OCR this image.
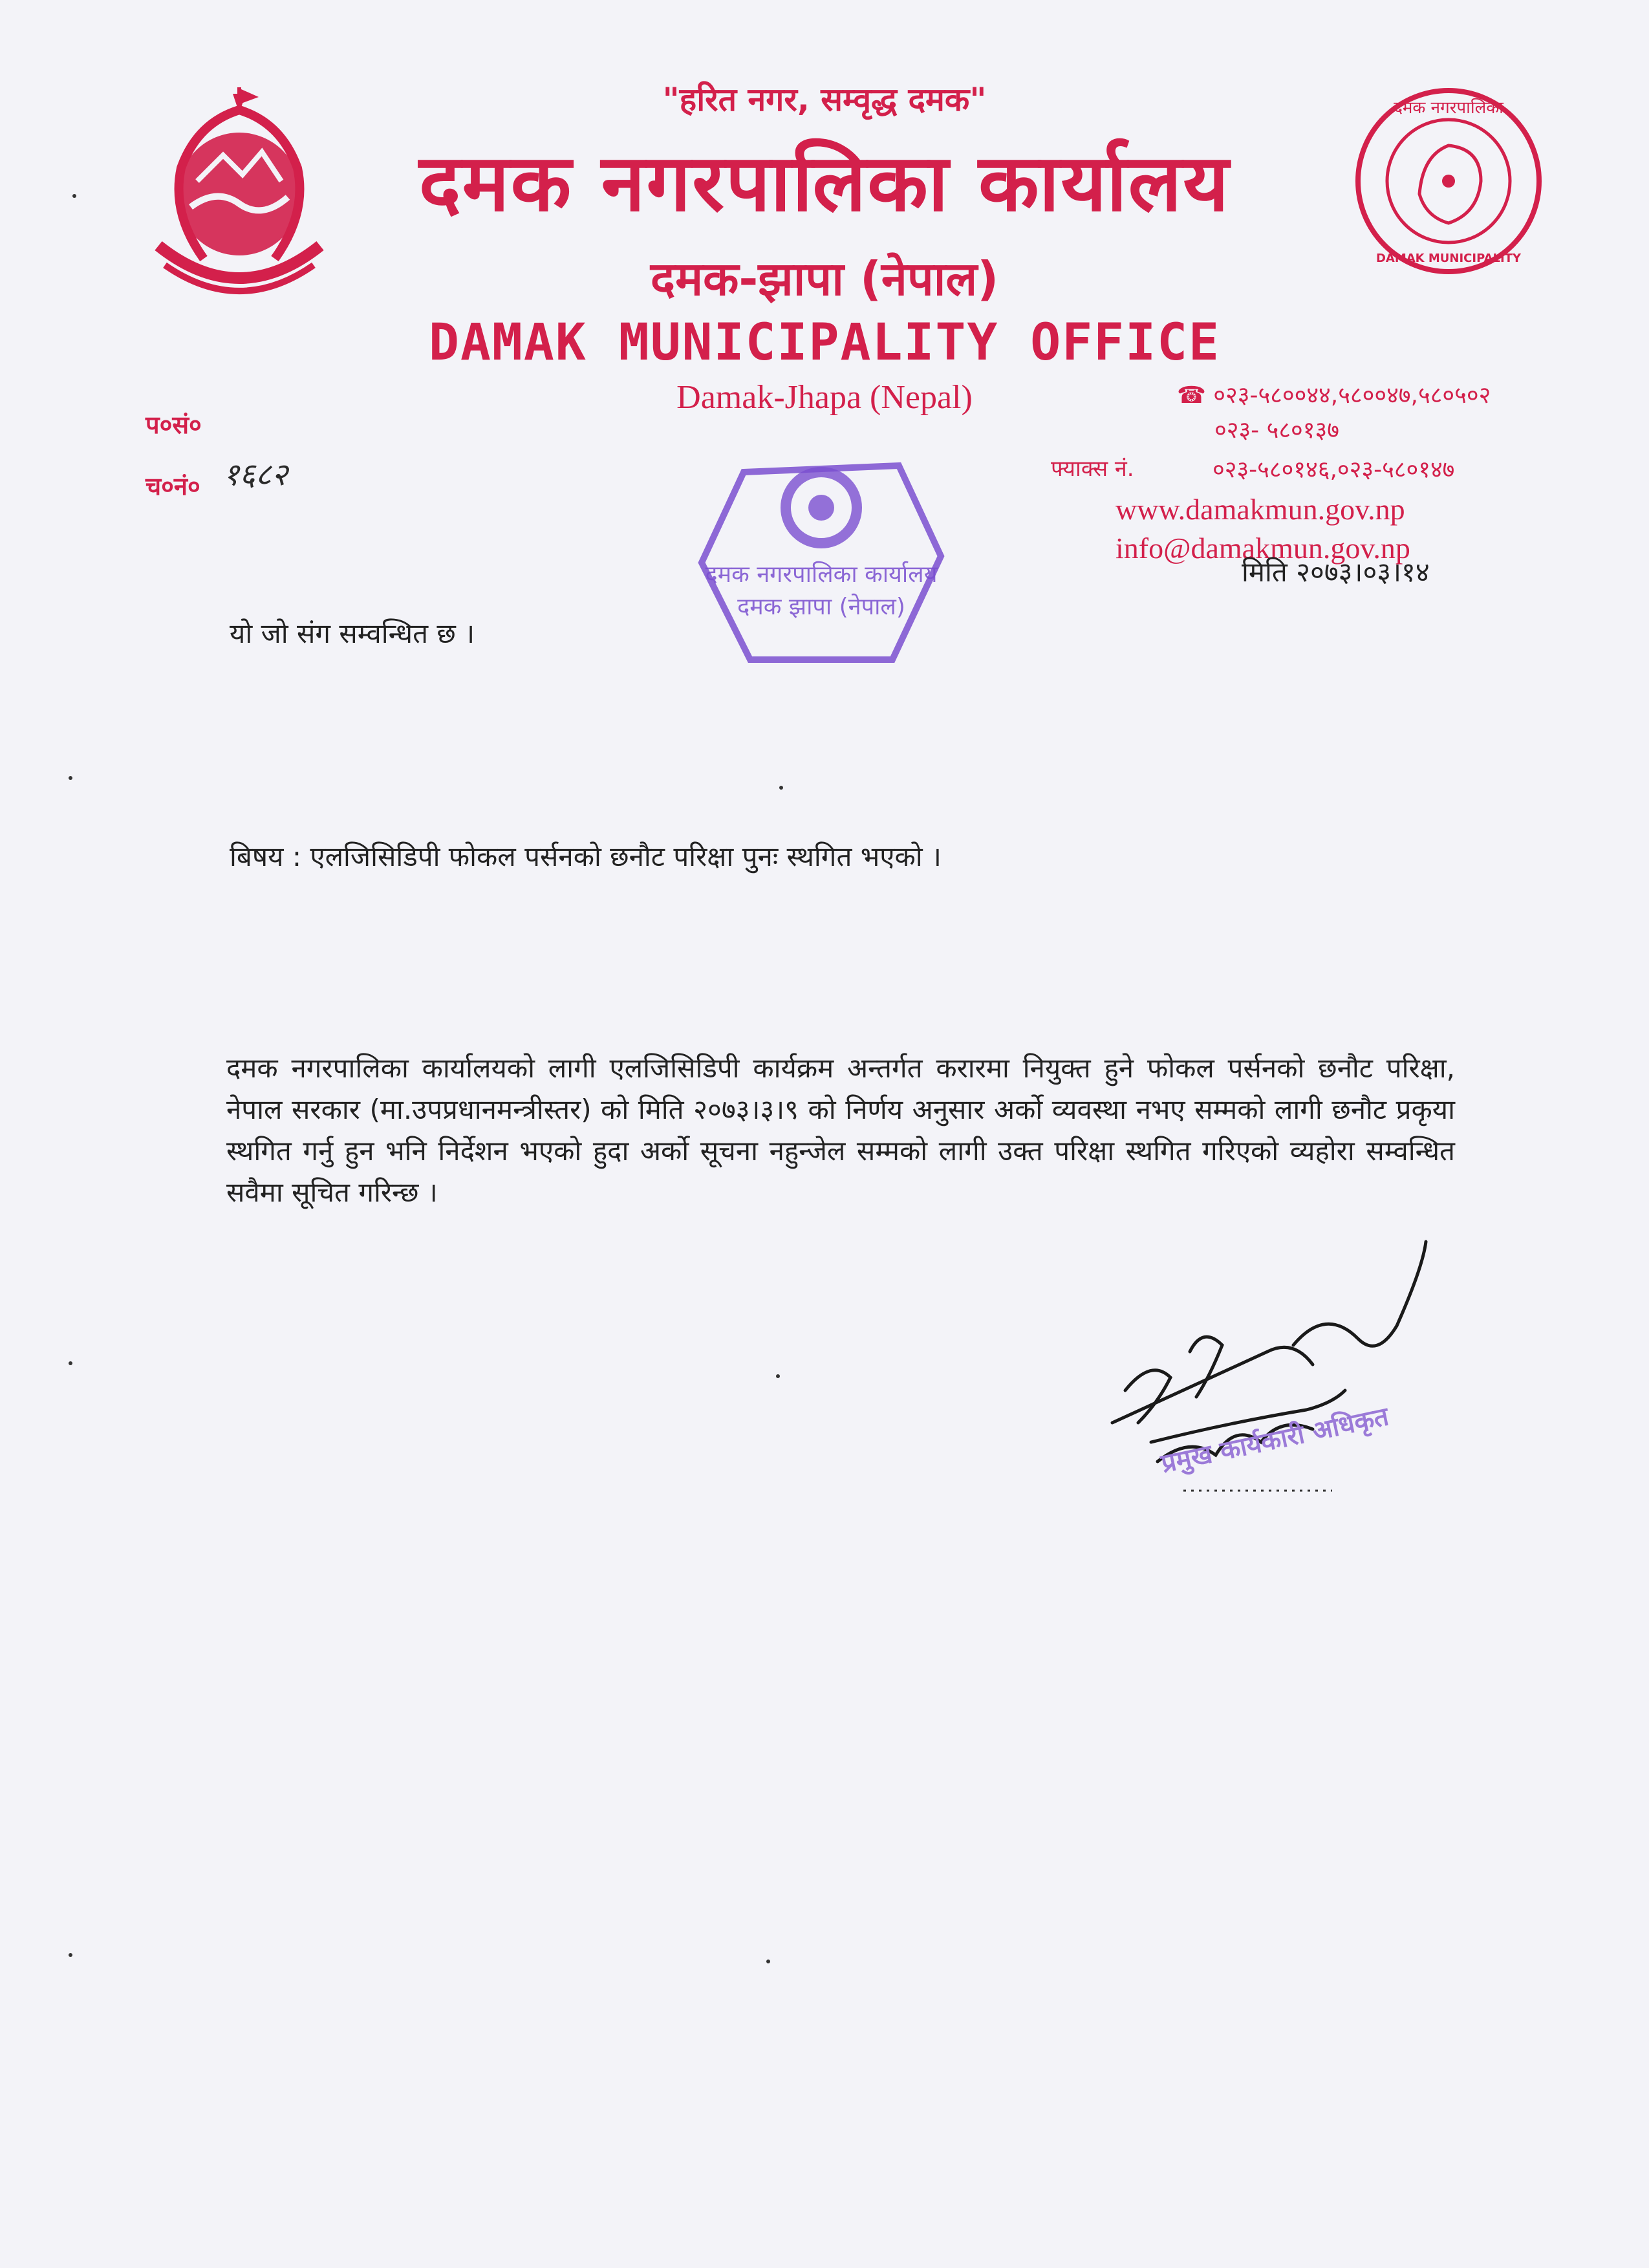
दमक नगरपालिका
DAMAK MUNICIPALITY
"हरित नगर, सम्वृद्ध दमक"
दमक नगरपालिका कार्यालय
दमक-झापा (नेपाल)
DAMAK MUNICIPALITY OFFICE
Damak-Jhapa (Nepal)	☎ ०२३-५८००४४,५८००४७,५८०५०२
०२३- ५८०१३७
फ्याक्स नं.	०२३-५८०१४६,०२३-५८०१४७
www.damakmun.gov.np
info@damakmun.gov.np
प०सं०
च०नं० १६८२
दमक नगरपालिका कार्यालय
दमक झापा (नेपाल)
मिति २०७३।०३।१४
यो जो संग सम्वन्धित छ ।
बिषय : एलजिसिडिपी फोकल पर्सनको छनौट परिक्षा पुनः स्थगित भएको ।
दमक नगरपालिका कार्यालयको लागी एलजिसिडिपी कार्यक्रम अन्तर्गत करारमा नियुक्त हुने फोकल पर्सनको छनौट परिक्षा, नेपाल सरकार (मा.उपप्रधानमन्त्रीस्तर) को मिति २०७३।३।९ को निर्णय अनुसार अर्को व्यवस्था नभए सम्मको लागी छनौट प्रकृया स्थगित गर्नु हुन भनि निर्देशन भएको हुदा अर्को सूचना नहुन्जेल सम्मको लागी उक्त परिक्षा स्थगित गरिएको व्यहोरा सम्वन्धित सवैमा सूचित गरिन्छ ।
प्रमुख कार्यकारी अधिकृत
